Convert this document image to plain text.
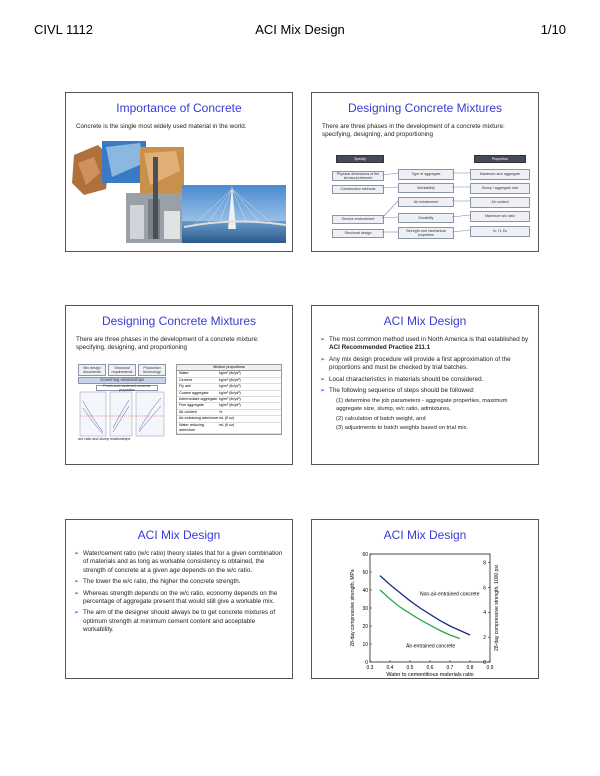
CIVL 1112	ACI Mix Design	1/10
Importance of Concrete
Concrete is the single most widely used material in the world.
Designing Concrete Mixtures
There are three phases in the development of a concrete mixture: specifying, designing, and proportioning
Specify	Proportion
Physical dimensions of the structural element
Construction methods
Service environment
Structural design
Type of aggregate
Workability
Air entrainment
Durability
Strength and mechanical properties
Maximum-size aggregate
Slump / aggregate size
Air content
Maximum w/c ratio
f'c, f't, Ec
Designing Concrete Mixtures
There are three phases in the development of a concrete mixture: specifying, designing, and proportioning
Mix design documents
Structural requirements
Production technology
Governing relationships
Fresh and hardened concrete properties
w/c ratio and slump relationships
Mixture proportions
Water	kg/m³ (lb/yd³)
Cement	kg/m³ (lb/yd³)
Fly ash	kg/m³ (lb/yd³)
Coarse aggregate	kg/m³ (lb/yd³)
Intermediate aggregate kg/m³ (lb/yd³)
Fine aggregate	kg/m³ (lb/yd³)
Air content	%
Air-entraining admixture mL (fl oz)
Water reducing admixture
mL (fl oz)
ACI Mix Design
➢ The most common method used in North America is that established by ACI Recommended Practice 211.1
➢ Any mix design procedure will provide a first approximation of the proportions and must be checked by trial batches.
➢ Local characteristics in materials should be considered.
➢ The following sequence of steps should be followed:
(1) determine the job parameters - aggregate properties, maximum aggregate size, slump, w/c ratio, admixtures,
(2) calculation of batch weight, and
(3) adjustments to batch weights based on trial mix.
ACI Mix Design
➢ Water/cement ratio (w/c ratio) theory states that for a given combination of materials and as long as workable consistency is obtained, the strength of concrete at a given age depends on the w/c ratio.
➢ The lower the w/c ratio, the higher the concrete strength.
➢ Whereas strength depends on the w/c ratio, economy depends on the percentage of aggregate present that would still give a workable mix.
➢ The aim of the designer should always be to get concrete mixtures of optimum strength at minimum cement content and acceptable workability.
ACI Mix Design
0.3	0.4	0.5	0.6	0.7	0.8	0.9
0
10
20
30
40
50
60
0
2
4
6
8
Water to cementitious materials ratio
28-day compressive strength, MPa	28-day compressive strength, 1000 psi
Non-air-entrained concrete
Air-entrained concrete
